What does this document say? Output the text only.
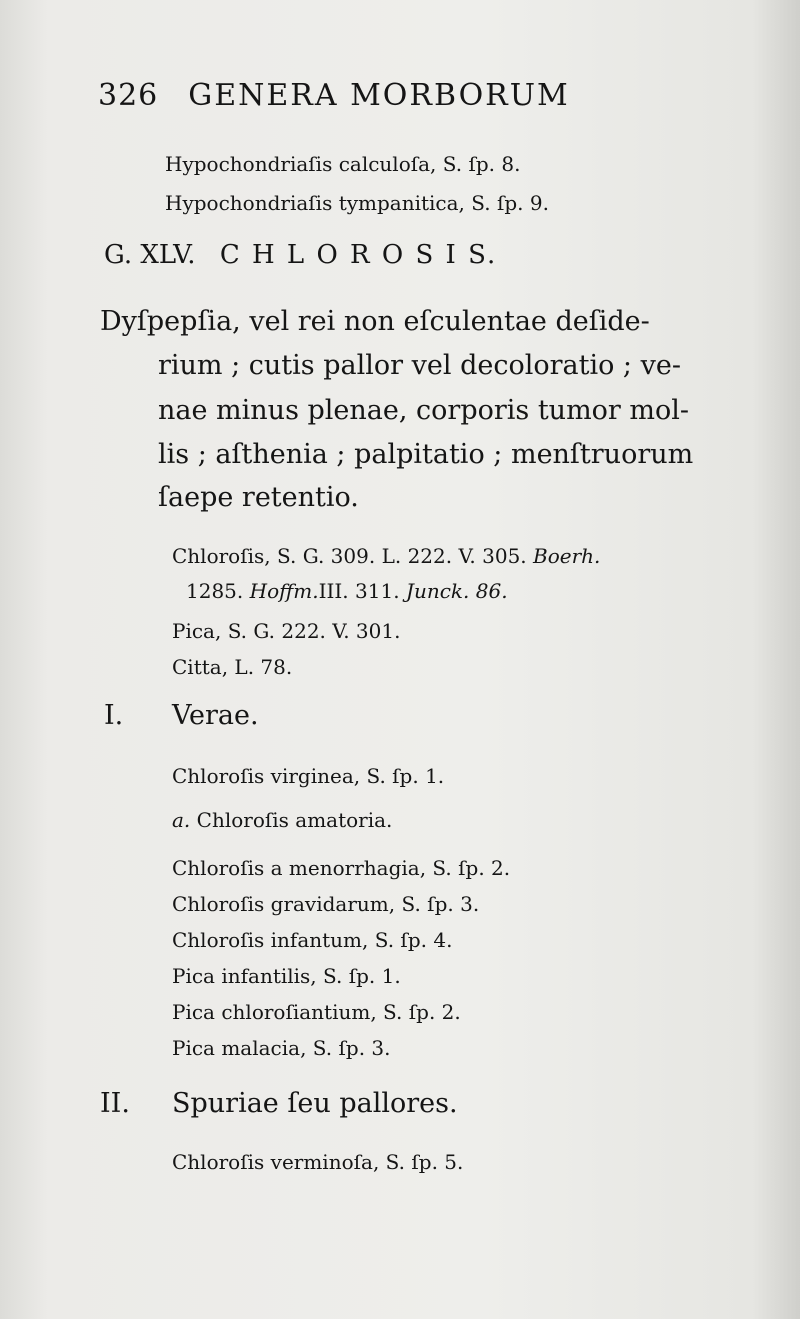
326 GENERA MORBORUM
Hypochondriaſis calculoſa, S. ſp. 8.
Hypochondriaſis tympanitica, S. ſp. 9.
G. XLV. C H L O R O S I S.
Dyſpepſia, vel rei non eſculentae deſide-
rium ; cutis pallor vel decoloratio ; ve-
nae minus plenae, corporis tumor mol-
lis ; aſthenia ; palpitatio ; menſtruorum
ſaepe retentio.
Chloroſis, S. G. 309. L. 222. V. 305. Boerh.
1285. Hoffm.III. 311. Junck. 86.
Pica, S. G. 222. V. 301.
Citta, L. 78.
I. Verae.
Chloroſis virginea, S. ſp. 1.
a. Chloroſis amatoria.
Chloroſis a menorrhagia, S. ſp. 2.
Chloroſis gravidarum, S. ſp. 3.
Chloroſis infantum, S. ſp. 4.
Pica infantilis, S. ſp. 1.
Pica chloroſiantium, S. ſp. 2.
Pica malacia, S. ſp. 3.
II. Spuriae ſeu pallores.
Chloroſis verminoſa, S. ſp. 5.
